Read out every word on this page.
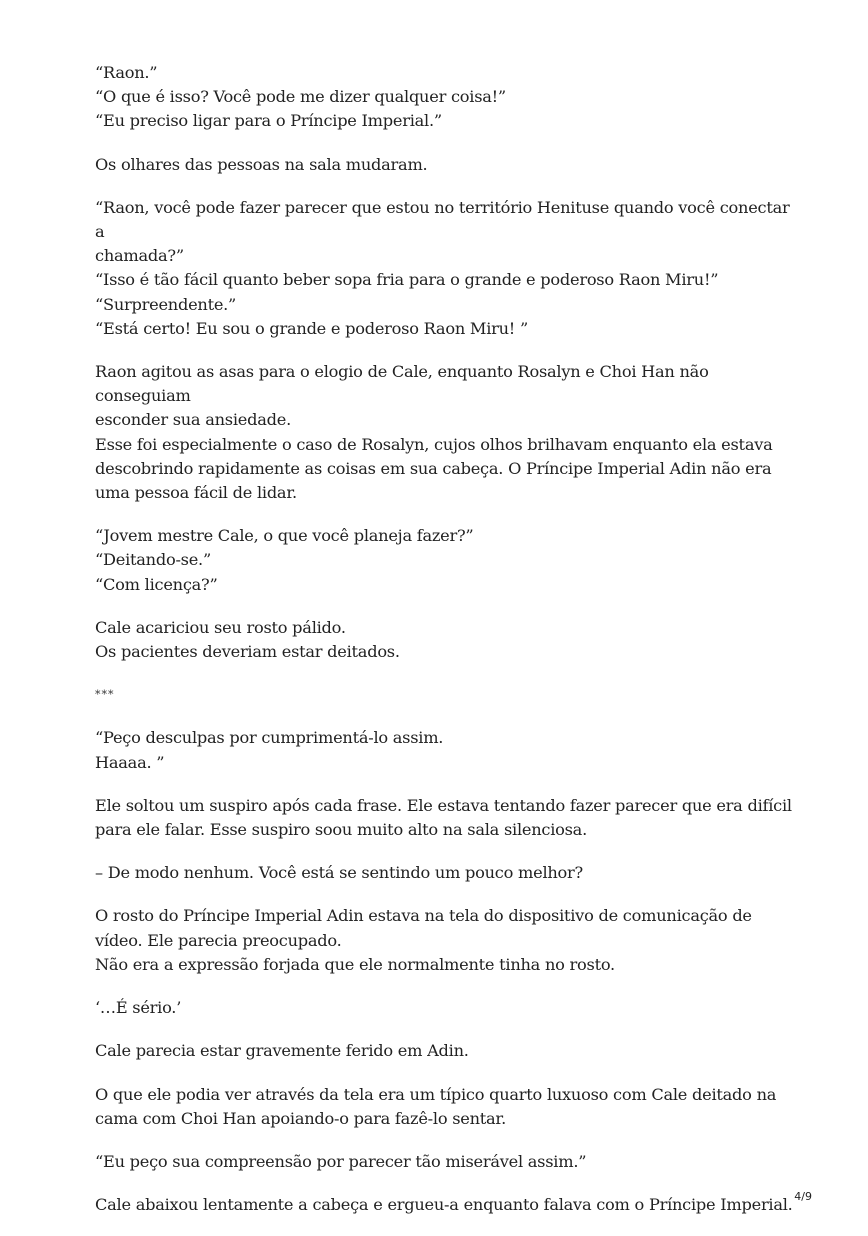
“Raon.”
“O que é isso? Você pode me dizer qualquer coisa!”
“Eu preciso ligar para o Príncipe Imperial.”

Os olhares das pessoas na sala mudaram.

“Raon, você pode fazer parecer que estou no território Henituse quando você conectar a
chamada?”
“Isso é tão fácil quanto beber sopa fria para o grande e poderoso Raon Miru!”
“Surpreendente.”
“Está certo! Eu sou o grande e poderoso Raon Miru! ”

Raon agitou as asas para o elogio de Cale, enquanto Rosalyn e Choi Han não conseguiam
esconder sua ansiedade.
Esse foi especialmente o caso de Rosalyn, cujos olhos brilhavam enquanto ela estava
descobrindo rapidamente as coisas em sua cabeça. O Príncipe Imperial Adin não era
uma pessoa fácil de lidar.

“Jovem mestre Cale, o que você planeja fazer?”
“Deitando-se.”
“Com licença?”

Cale acariciou seu rosto pálido.
Os pacientes deveriam estar deitados.

***

“Peço desculpas por cumprimentá-lo assim.
Haaaa. ”

Ele soltou um suspiro após cada frase. Ele estava tentando fazer parecer que era difícil
para ele falar. Esse suspiro soou muito alto na sala silenciosa.

– De modo nenhum. Você está se sentindo um pouco melhor?

O rosto do Príncipe Imperial Adin estava na tela do dispositivo de comunicação de
vídeo. Ele parecia preocupado.
Não era a expressão forjada que ele normalmente tinha no rosto.

‘…É sério.’

Cale parecia estar gravemente ferido em Adin.

O que ele podia ver através da tela era um típico quarto luxuoso com Cale deitado na
cama com Choi Han apoiando-o para fazê-lo sentar.

“Eu peço sua compreensão por parecer tão miserável assim.”

Cale abaixou lentamente a cabeça e ergueu-a enquanto falava com o Príncipe Imperial. 4/9
